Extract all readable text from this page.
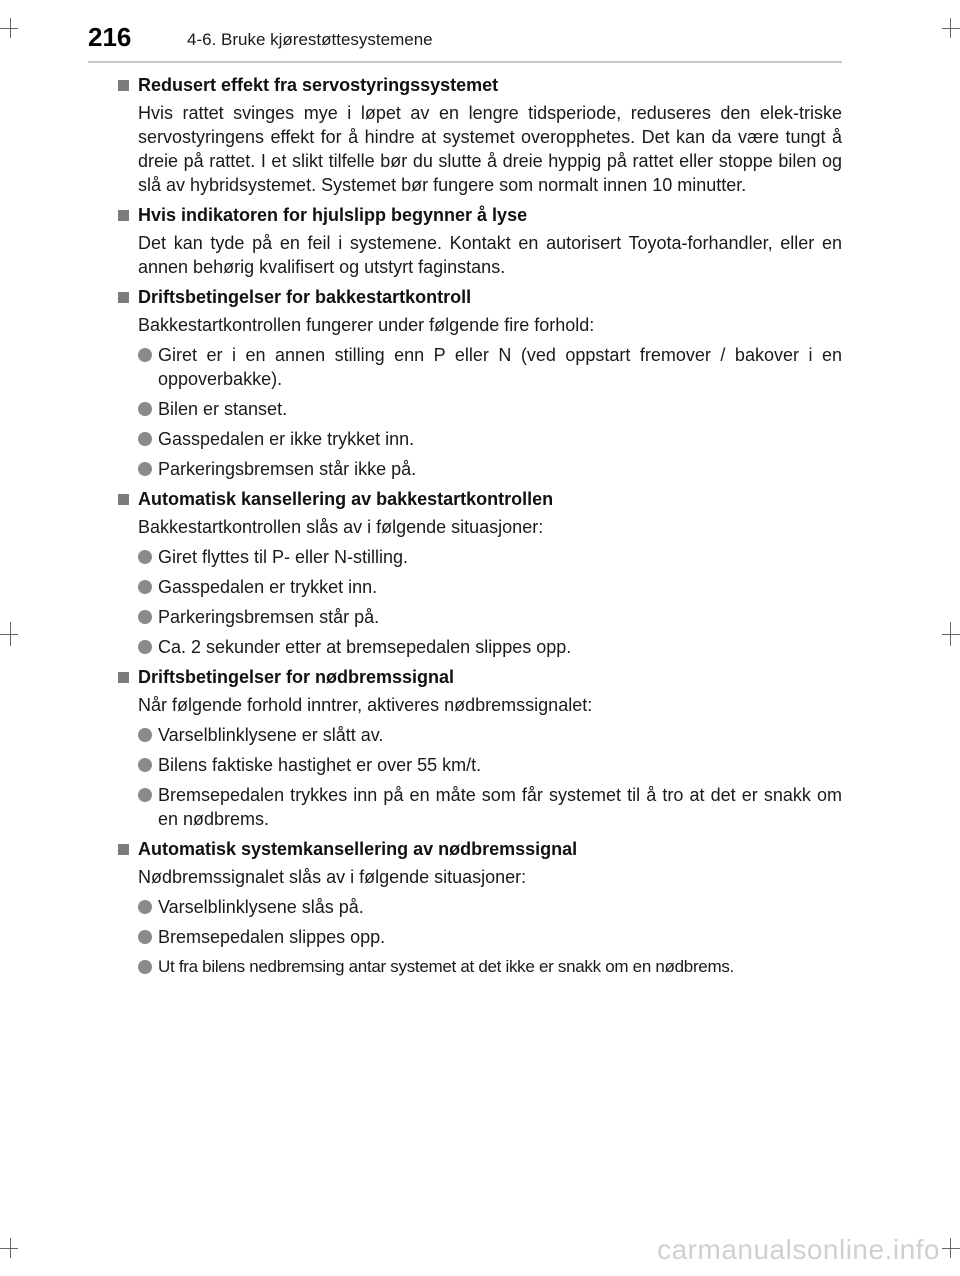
216	4-6. Bruke kjørestøttesystemene
Redusert effekt fra servostyringssystemet
Hvis rattet svinges mye i løpet av en lengre tidsperiode, reduseres den elek-triske servostyringens effekt for å hindre at systemet overopphetes. Det kan da være tungt å dreie på rattet. I et slikt tilfelle bør du slutte å dreie hyppig på rattet eller stoppe bilen og slå av hybridsystemet. Systemet bør fungere som normalt innen 10 minutter.
Hvis indikatoren for hjulslipp begynner å lyse
Det kan tyde på en feil i systemene. Kontakt en autorisert Toyota-forhandler, eller en annen behørig kvalifisert og utstyrt faginstans.
Driftsbetingelser for bakkestartkontroll
Bakkestartkontrollen fungerer under følgende fire forhold:
Giret er i en annen stilling enn P eller N (ved oppstart fremover / bakover i en oppoverbakke).
Bilen er stanset.
Gasspedalen er ikke trykket inn.
Parkeringsbremsen står ikke på.
Automatisk kansellering av bakkestartkontrollen
Bakkestartkontrollen slås av i følgende situasjoner:
Giret flyttes til P- eller N-stilling.
Gasspedalen er trykket inn.
Parkeringsbremsen står på.
Ca. 2 sekunder etter at bremsepedalen slippes opp.
Driftsbetingelser for nødbremssignal
Når følgende forhold inntrer, aktiveres nødbremssignalet:
Varselblinklysene er slått av.
Bilens faktiske hastighet er over 55 km/t.
Bremsepedalen trykkes inn på en måte som får systemet til å tro at det er snakk om en nødbrems.
Automatisk systemkansellering av nødbremssignal
Nødbremssignalet slås av i følgende situasjoner:
Varselblinklysene slås på.
Bremsepedalen slippes opp.
Ut fra bilens nedbremsing antar systemet at det ikke er snakk om en nødbrems.
carmanualsonline.info
